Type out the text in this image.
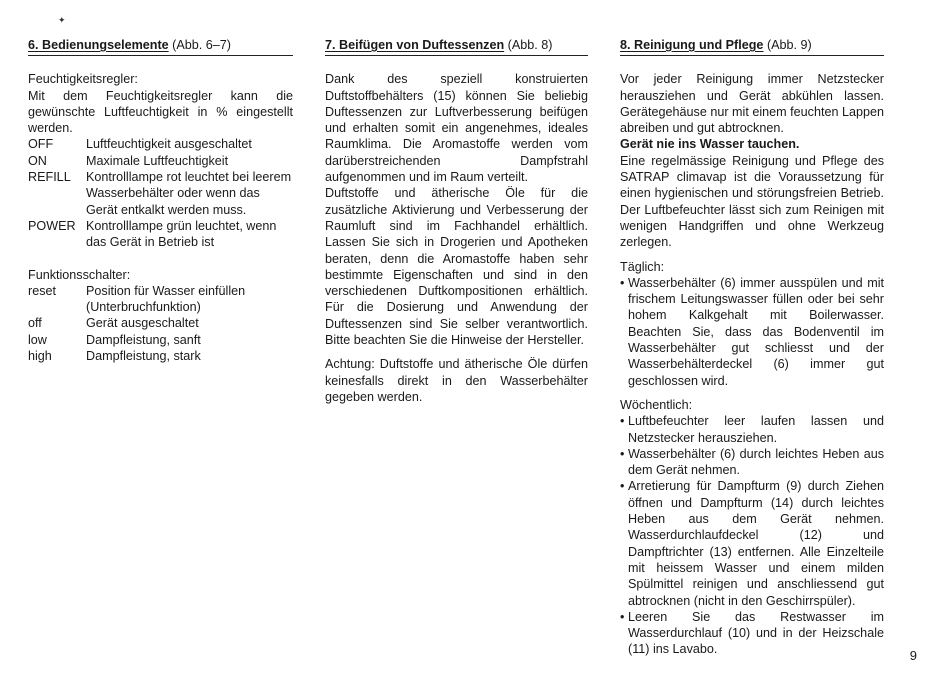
✦
6. Bedienungselemente (Abb. 6–7)
Feuchtigkeitsregler:

Mit dem Feuchtigkeitsregler kann die gewünschte Luftfeuchtigkeit in % eingestellt werden.

OFF	Luftfeuchtigkeit ausgeschaltet
ON	Maximale Luftfeuchtigkeit
REFILL	Kontrolllampe rot leuchtet bei leerem Wasserbehälter oder wenn das Gerät entkalkt werden muss.
POWER Kontrolllampe grün leuchtet, wenn das Gerät in Betrieb ist
Funktionsschalter:
reset	Position für Wasser einfüllen (Unterbruchfunktion)
off	Gerät ausgeschaltet
low	Dampfleistung, sanft
high	Dampfleistung, stark
7. Beifügen von Duftessenzen (Abb. 8)

Dank des speziell konstruierten Duftstoffbehälters (15) können Sie beliebig Duftessenzen zur Luftverbesserung beifügen und erhalten somit ein angenehmes, ideales Raumklima. Die Aromastoffe werden vom darüberstreichenden Dampfstrahl aufgenommen und im Raum verteilt.

Duftstoffe und ätherische Öle für die zusätzliche Aktivierung und Verbesserung der Raumluft sind im Fachhandel erhältlich. Lassen Sie sich in Drogerien und Apotheken beraten, denn die Aromastoffe haben sehr bestimmte Eigenschaften und sind in den verschiedenen Duftkompositionen erhältlich. Für die Dosierung und Anwendung der Duftessenzen sind Sie selber verantwortlich. Bitte beachten Sie die Hinweise der Hersteller.

Achtung: Duftstoffe und ätherische Öle dürfen keinesfalls direkt in den Wasserbehälter gegeben werden.

8. Reinigung und Pflege (Abb. 9)

Vor jeder Reinigung immer Netzstecker herausziehen und Gerät abkühlen lassen. Gerätegehäuse nur mit einem feuchten Lappen abreiben und gut abtrocknen.

Gerät nie ins Wasser tauchen.

Eine regelmässige Reinigung und Pflege des SATRAP climavap ist die Voraussetzung für einen hygienischen und störungsfreien Betrieb. Der Luftbefeuchter lässt sich zum Reinigen mit wenigen Handgriffen und ohne Werkzeug zerlegen.

Täglich:
• Wasserbehälter (6) immer ausspülen und mit frischem Leitungswasser füllen oder bei sehr hohem Kalkgehalt mit Boilerwasser. Beachten Sie, dass das Bodenventil im Wasserbehälter gut schliesst und der Wasserbehälterdeckel (6) immer gut geschlossen wird.
Wöchentlich:
• Luftbefeuchter leer laufen lassen und Netzstecker herausziehen.
• Wasserbehälter (6) durch leichtes Heben aus dem Gerät nehmen.
• Arretierung für Dampfturm (9) durch Ziehen öffnen und Dampfturm (14) durch leichtes Heben aus dem Gerät nehmen. Wasserdurchlaufdeckel (12) und Dampftrichter (13) entfernen. Alle Einzelteile mit heissem Wasser und einem milden Spülmittel reinigen und anschliessend gut abtrocknen (nicht in den Geschirrspüler).
• Leeren Sie das Restwasser im Wasserdurchlauf (10) und in der Heizschale (11) ins Lavabo.	9
